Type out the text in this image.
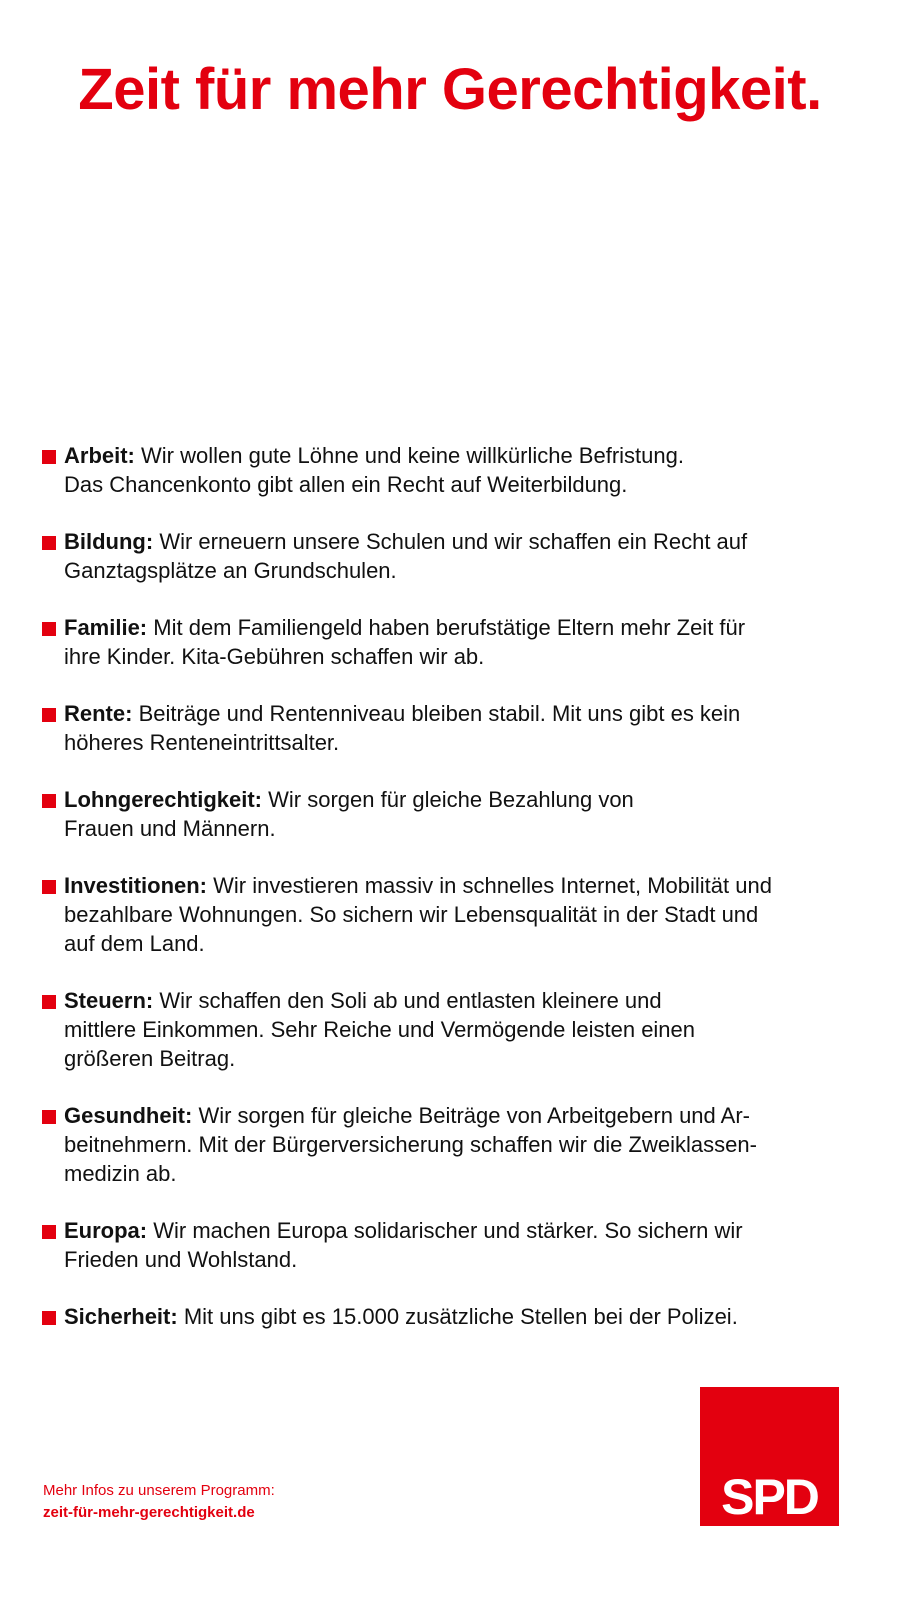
Zeit für mehr Gerechtigkeit.
Arbeit: Wir wollen gute Löhne und keine willkürliche Befristung.
Das Chancenkonto gibt allen ein Recht auf Weiterbildung.
Bildung: Wir erneuern unsere Schulen und wir schaffen ein Recht auf
Ganztagsplätze an Grundschulen.
Familie: Mit dem Familiengeld haben berufstätige Eltern mehr Zeit für
ihre Kinder. Kita-Gebühren schaffen wir ab.
Rente: Beiträge und Rentenniveau bleiben stabil. Mit uns gibt es kein
höheres Renteneintrittsalter.
Lohngerechtigkeit: Wir sorgen für gleiche Bezahlung von
Frauen und Männern.
Investitionen: Wir investieren massiv in schnelles Internet, Mobilität und
bezahlbare Wohnungen. So sichern wir Lebensqualität in der Stadt und
auf dem Land.
Steuern: Wir schaffen den Soli ab und entlasten kleinere und
mittlere Einkommen. Sehr Reiche und Vermögende leisten einen
größeren Beitrag.
Gesundheit: Wir sorgen für gleiche Beiträge von Arbeitgebern und Ar-
beitnehmern. Mit der Bürgerversicherung schaffen wir die Zweiklassen-
medizin ab.
Europa: Wir machen Europa solidarischer und stärker. So sichern wir
Frieden und Wohlstand.
Sicherheit: Mit uns gibt es 15.000 zusätzliche Stellen bei der Polizei.
Mehr Infos zu unserem Programm:
zeit-für-mehr-gerechtigkeit.de	SPD
